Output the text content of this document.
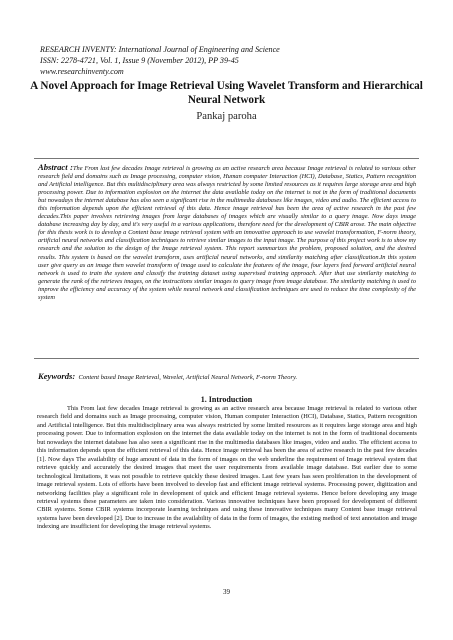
RESEARCH INVENTY: International Journal of Engineering and Science
ISSN: 2278-4721, Vol. 1, Issue 9 (November 2012), PP 39-45
www.researchinventy.com
A Novel Approach for Image Retrieval Using Wavelet Transform and Hierarchical Neural Network
Pankaj paroha
Abstract :The From last few decades Image retrieval is growing as an active research area because Image retrieval is related to various other research field and domains such as Image processing, computer vision, Human computer Interaction (HCI), Database, Statics, Pattern recognition and Artificial intelligence. But this multidisciplinary area was always restricted by some limited resources as it requires large storage area and high processing power. Due to information explosion on the internet the data available today on the internet is not in the form of traditional documents but nowadays the internet database has also seen a significant rise in the multimedia databases like images, video and audio. The efficient access to this information depends upon the efficient retrieval of this data. Hence image retrieval has been the area of active research in the past few decades.This paper involves retrieving images from large databases of images which are visually similar to a query image. Now days image database increasing day by day, and it's very useful in a various applications, therefore need for the development of CBIR arose. The main objective for this thesis work is to develop a Content base image retrieval system with an innovative approach to use wavelet transformation, F-norm theory, artificial neural networks and classification techniques to retrieve similar images to the input image. The purpose of this project work is to show my research and the solution to the design of the Image retrieval system. This report summarizes the problem, proposed solution, and the desired results. This system is based on the wavelet transform, uses artificial neural networks, and similarity matching after classification.In this system user give query as an image then wavelet transform of image used to calculate the features of the image, four layers feed forward artificial neural network is used to train the system and classify the training dataset using supervised training approach. After that use similarity matching to generate the rank of the retrieves images, on the instructions similar images to query image from image database. The similarity matching is used to improve the efficiency and accuracy of the system while neural network and classification techniques are used to reduce the time complexity of the system
Keywords: Content based Image Retrieval, Wavelet, Artificial Neural Network, F-norm Theory.
1. Introduction
This From last few decades Image retrieval is growing as an active research area because Image retrieval is related to various other research field and domains such as Image processing, computer vision, Human computer Interaction (HCI), Database, Statics, Pattern recognition and Artificial intelligence. But this multidisciplinary area was always restricted by some limited resources as it requires large storage area and high processing power. Due to information explosion on the internet the data available today on the internet is not in the form of traditional documents but nowadays the internet database has also seen a significant rise in the multimedia databases like images, video and audio. The efficient access to this information depends upon the efficient retrieval of this data. Hence image retrieval has been the area of active research in the past few decades [1]. Now days The availability of huge amount of data in the form of images on the web underline the requirement of Image retrieval system that retrieve quickly and accurately the desired images that meet the user requirements from available image database. But earlier due to some technological limitations, it was not possible to retrieve quickly these desired images. Last few years has seen proliferation in the development of image retrieval system. Lots of efforts have been involved to develop fast and efficient image retrieval systems. Processing power, digitization and networking facilities play a significant role in development of quick and efficient Image retrieval systems. Hence before developing any image retrieval systems these parameters are taken into consideration. Various innovative techniques have been proposed for development of different CBIR systems. Some CBIR systems incorporate learning techniques and using these innovative techniques many Content base image retrieval systems have been developed [2]. Due to increase in the availability of data in the form of images, the existing method of text annotation and image indexing are insufficient for developing the image retrieval systems.
39
